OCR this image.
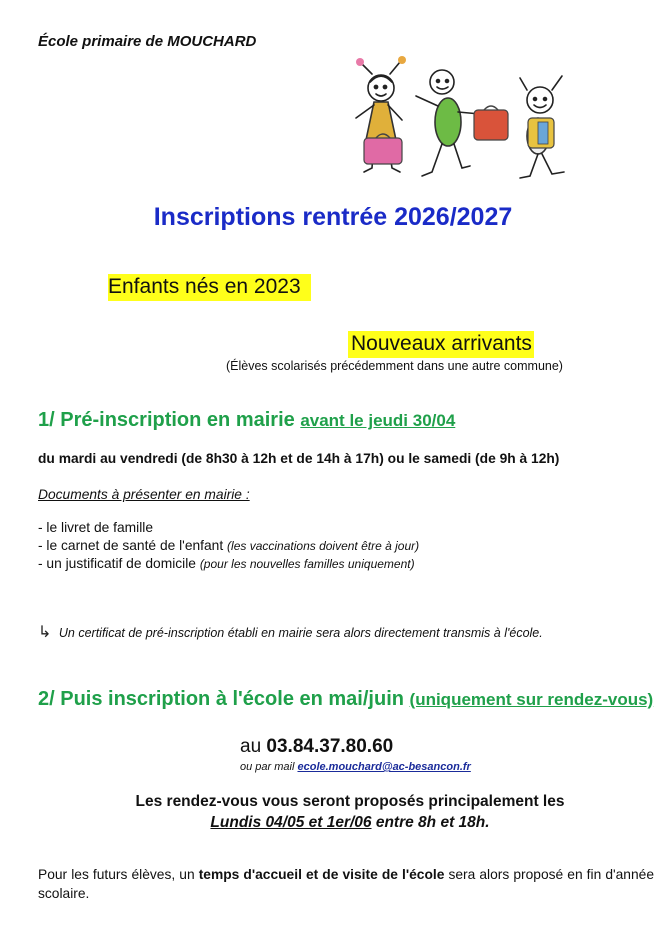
École primaire de MOUCHARD
Inscriptions rentrée 2026/2027
Enfants nés en 2023
Nouveaux arrivants
(Élèves scolarisés précédemment dans une autre commune)
1/ Pré-inscription en mairie avant le jeudi 30/04
du mardi au vendredi (de 8h30 à 12h et de 14h à 17h) ou le samedi (de 9h à 12h)
Documents à présenter en mairie :
- le livret de famille
- le carnet de santé de l'enfant (les vaccinations doivent être à jour)
- un justificatif de domicile (pour les nouvelles familles uniquement)
↳ Un certificat de pré-inscription établi en mairie sera alors directement transmis à l'école.
2/ Puis inscription à l'école en mai/juin (uniquement sur rendez-vous)
au 03.84.37.80.60
ou par mail ecole.mouchard@ac-besancon.fr
Les rendez-vous vous seront proposés principalement les
Lundis 04/05 et 1er/06 entre 8h et 18h.
Pour les futurs élèves, un temps d'accueil et de visite de l'école sera alors proposé en fin d'année scolaire.
